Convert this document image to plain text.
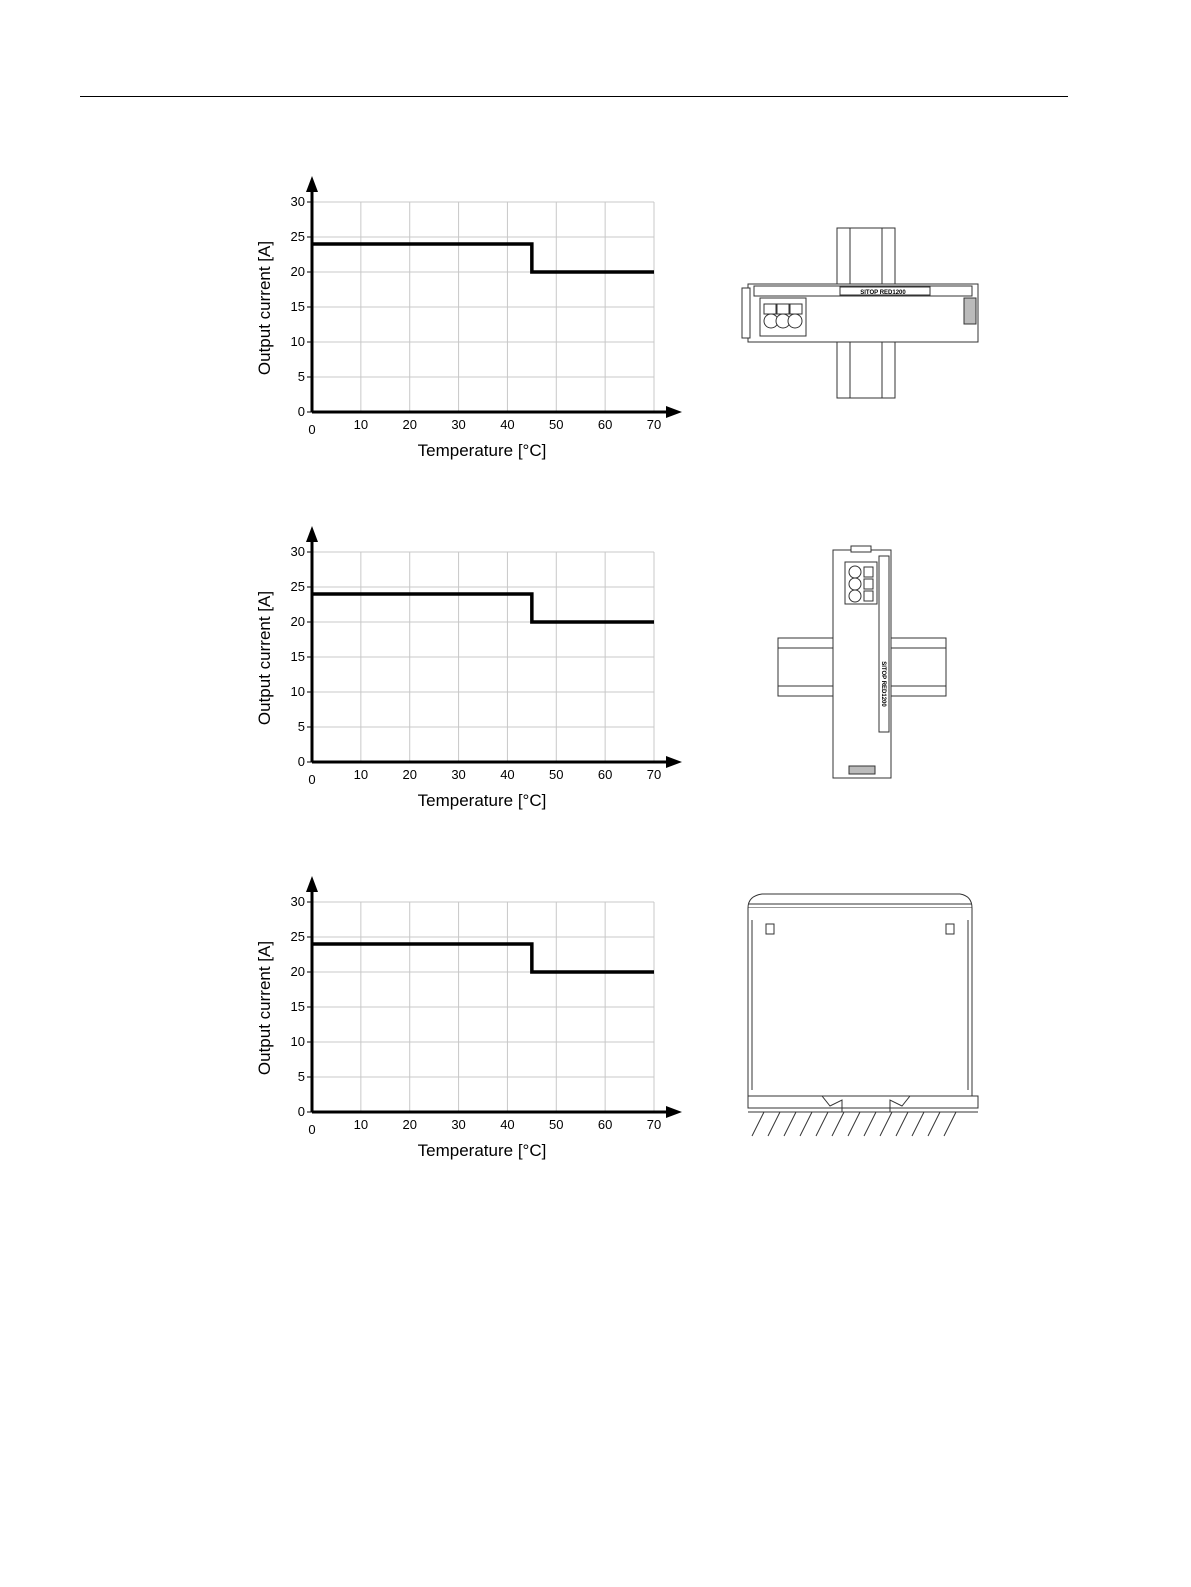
0	10	20	30	40	50	60	70
0
5
10
15
20
25
30
Temperature [°C]
Output current [A]
0	10	20	30	40	50	60	70
0
5
10
15
20
25
30
Temperature [°C]
Output current [A]
0	10	20	30	40	50	60	70
0
5
10
15
20
25
30
Temperature [°C]
Output current [A]
SITOP RED1200
SITOP RED1200
